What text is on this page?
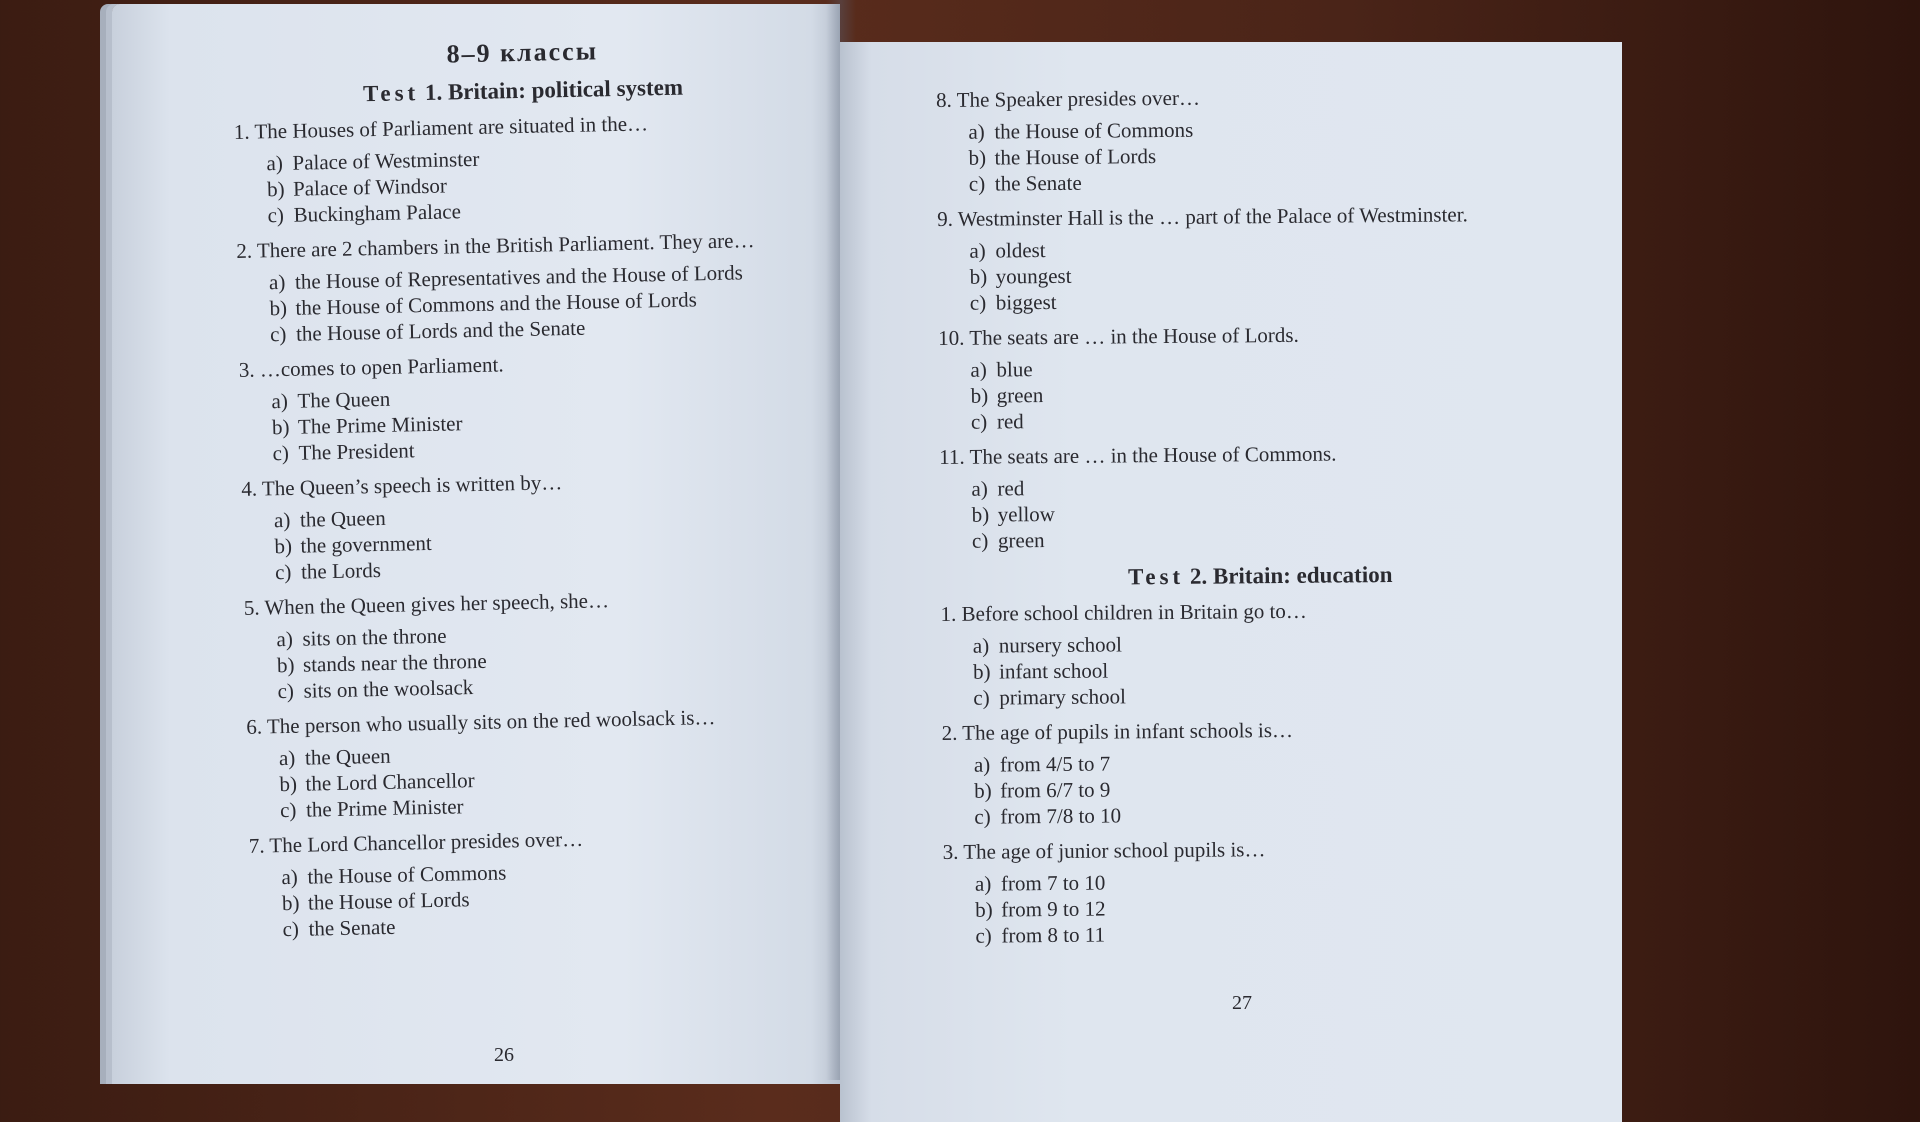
8–9 классы
Test 1. Britain: political system
1. The Houses of Parliament are situated in the…
a) Palace of Westminster
b) Palace of Windsor
c) Buckingham Palace
2. There are 2 chambers in the British Parliament. They are…
a) the House of Representatives and the House of Lords
b) the House of Commons and the House of Lords
c) the House of Lords and the Senate
3. …comes to open Parliament.
a) The Queen
b) The Prime Minister
c) The President
4. The Queen’s speech is written by…
a) the Queen
b) the government
c) the Lords
5. When the Queen gives her speech, she…
a) sits on the throne
b) stands near the throne
c) sits on the woolsack
6. The person who usually sits on the red woolsack is…
a) the Queen
b) the Lord Chancellor
c) the Prime Minister
7. The Lord Chancellor presides over…
a) the House of Commons
b) the House of Lords
c) the Senate
26
8. The Speaker presides over…
a) the House of Commons
b) the House of Lords
c) the Senate
9. Westminster Hall is the … part of the Palace of Westminster.
a) oldest
b) youngest
c) biggest
10. The seats are … in the House of Lords.
a) blue
b) green
c) red
11. The seats are … in the House of Commons.
a) red
b) yellow
c) green
Test 2. Britain: education
1. Before school children in Britain go to…
a) nursery school
b) infant school
c) primary school
2. The age of pupils in infant schools is…
a) from 4/5 to 7
b) from 6/7 to 9
c) from 7/8 to 10
3. The age of junior school pupils is…
a) from 7 to 10
b) from 9 to 12
c) from 8 to 11
27
